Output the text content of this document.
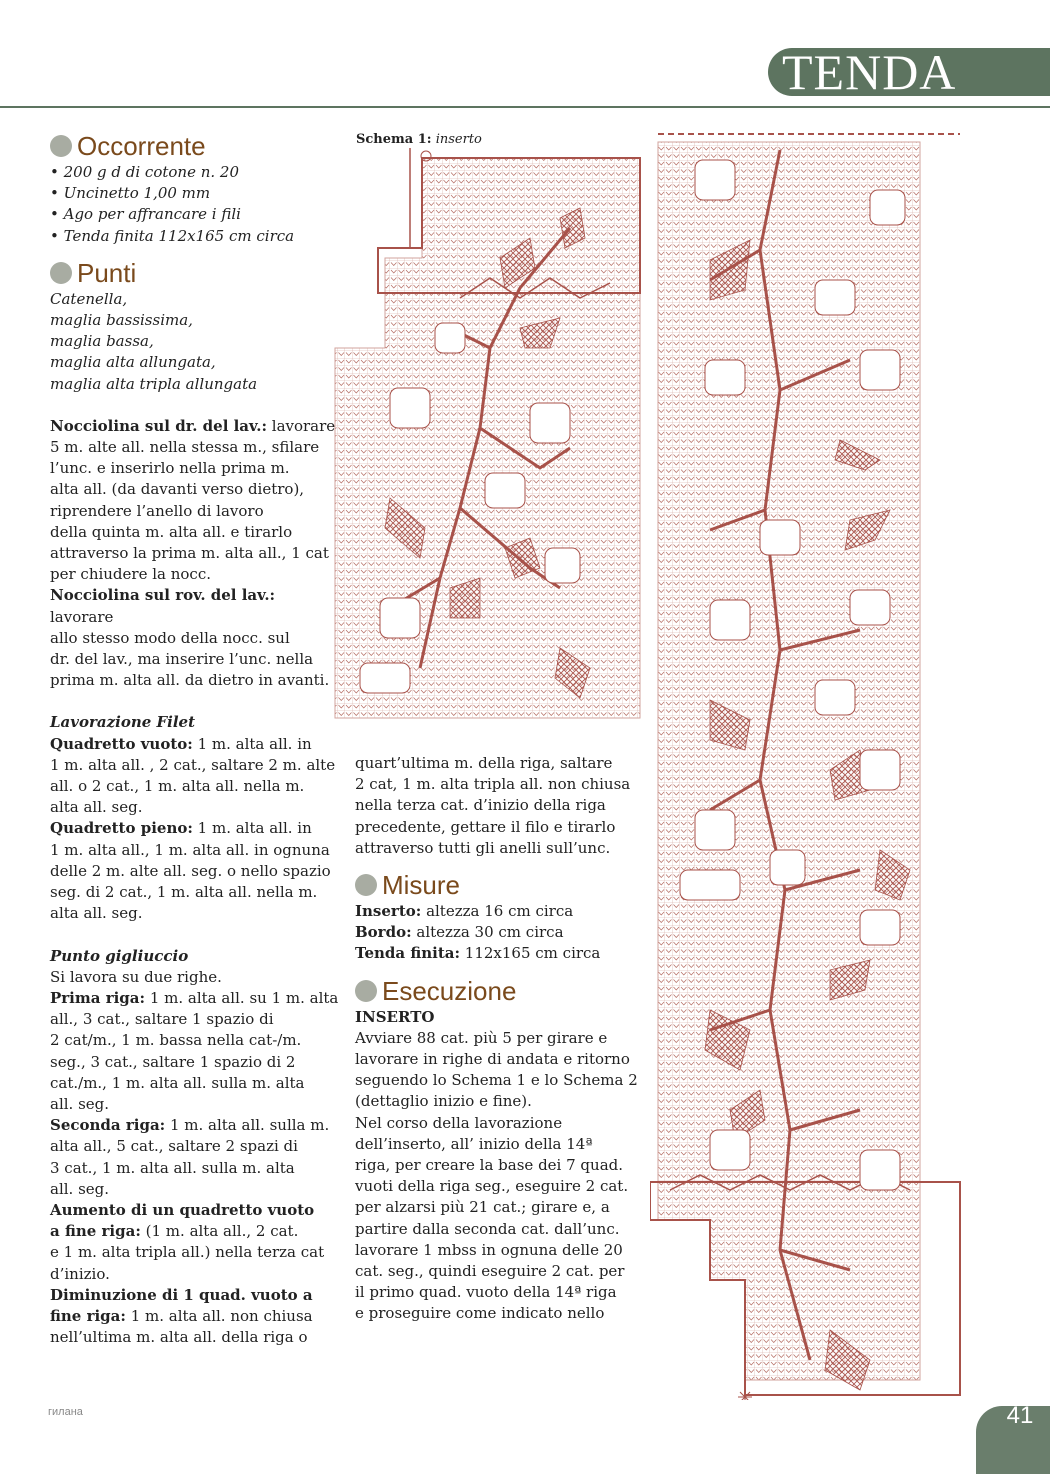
TENDA

Occorrente

• 200 g d di cotone n. 20

• Uncinetto 1,00 mm

• Ago per affrancare i fili

• Tenda finita 112x165 cm circa

Punti

Catenella,

maglia bassissima,

maglia bassa,

maglia alta allungata,

maglia alta tripla allungata

Nocciolina sul dr. del lav.: lavorare

5 m. alte all. nella stessa m., sfilare

l’unc. e inserirlo nella prima m.

alta all. (da davanti verso dietro),

riprendere l’anello di lavoro

della quinta m. alta all. e tirarlo

attraverso la prima m. alta all., 1 cat

per chiudere la nocc.

Nocciolina sul rov. del lav.: lavorare

allo stesso modo della nocc. sul

dr. del lav., ma inserire l’unc. nella

prima m. alta all. da dietro in avanti.

Lavorazione Filet

Quadretto vuoto: 1 m. alta all. in

1 m. alta all. , 2 cat., saltare 2 m. alte

all. o 2 cat., 1 m. alta all. nella m.

alta all. seg.

Quadretto pieno: 1 m. alta all. in

1 m. alta all., 1 m. alta all. in ognuna

delle 2 m. alte all. seg. o nello spazio

seg. di 2 cat., 1 m. alta all. nella m.

alta all. seg.

Punto gigliuccio

Si lavora su due righe.

Prima riga: 1 m. alta all. su 1 m. alta

all., 3 cat., saltare 1 spazio di

2 cat/m., 1 m. bassa nella cat-/m.

seg., 3 cat., saltare 1 spazio di 2

cat./m., 1 m. alta all. sulla m. alta

all. seg.

Seconda riga: 1 m. alta all. sulla m.

alta all., 5 cat., saltare 2 spazi di

3 cat., 1 m. alta all. sulla m. alta

all. seg.

Aumento di un quadretto vuoto

a fine riga: (1 m. alta all., 2 cat.

e 1 m. alta tripla all.) nella terza cat

d’inizio.

Diminuzione di 1 quad. vuoto a

fine riga: 1 m. alta all. non chiusa

nell’ultima m. alta all. della riga o

Schema 1: inserto

quart’ultima m. della riga, saltare

2 cat, 1 m. alta tripla all. non chiusa

nella terza cat. d’inizio della riga

precedente, gettare il filo e tirarlo

attraverso tutti gli anelli sull’unc.

Misure

Inserto: altezza 16 cm circa

Bordo: altezza 30 cm circa

Tenda finita: 112x165 cm circa

Esecuzione

INSERTO

Avviare 88 cat. più 5 per girare e

lavorare in righe di andata e ritorno

seguendo lo Schema 1 e lo Schema 2

(dettaglio inizio e fine).

Nel corso della lavorazione

dell’inserto, all’ inizio della 14ª

riga, per creare la base dei 7 quad.

vuoti della riga seg., eseguire 2 cat.

per alzarsi più 21 cat.; girare e, a

partire dalla seconda cat. dall’unc.

lavorare 1 mbss in ognuna delle 20

cat. seg., quindi eseguire 2 cat. per

il primo quad. vuoto della 14ª riga

e proseguire come indicato nello

41
гилана
